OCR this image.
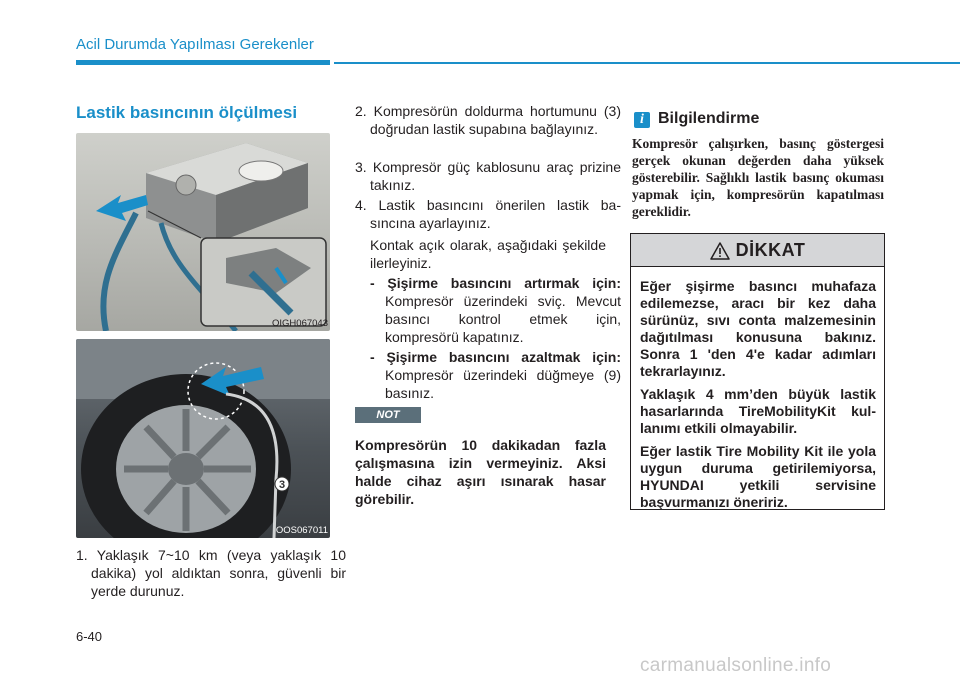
Acil Durumda Yapılması Gerekenler
Lastik basıncının ölçülmesi
OIGH067043
3
OOS067011
1. Yaklaşık 7~10 km (veya yaklaşık 10 dakika) yol aldıktan sonra, güvenli bir yerde durunuz.
2. Kompresörün doldurma hortumunu (3) doğrudan lastik supabına bağlayınız.
3. Kompresör güç kablosunu araç prizine takınız.
4. Lastik basıncını önerilen lastik basıncına ayarlayınız.
Kontak açık olarak, aşağıdaki şekilde ilerleyiniz.
- Şişirme basıncını artırmak için: Kompresör üzerindeki sviç. Mevcut basıncı kontrol etmek için, kompresörü kapatınız.
- Şişirme basıncını azaltmak için: Kompresör üzerindeki düğmeye (9) basınız.
NOT
Kompresörün 10 dakikadan fazla çalışmasına izin vermeyiniz. Aksi halde cihaz aşırı ısınarak hasar görebilir.
i Bilgilendirme
Kompresör çalışırken, basınç göstergesi gerçek okunan değerden daha yüksek gösterebilir. Sağlıklı lastik basınç okuması yapmak için, kompresörün kapatılması gereklidir.
DİKKAT

Eğer şişirme basıncı muhafaza edilemezse, aracı bir kez daha sürünüz, sıvı conta malzemesinin dağıtılması konusuna bakınız. Sonra 1 'den 4'e kadar adımları tekrarlayınız.

Yaklaşık 4 mm’den büyük lastik hasarlarında TireMobilityKit kullanımı etkili olmayabilir.

Eğer lastik Tire Mobility Kit ile yola uygun duruma getirilemiyorsa, HYUNDAI yetkili servisine başvurmanızı öneririz.

6-40
carmanualsonline.info
